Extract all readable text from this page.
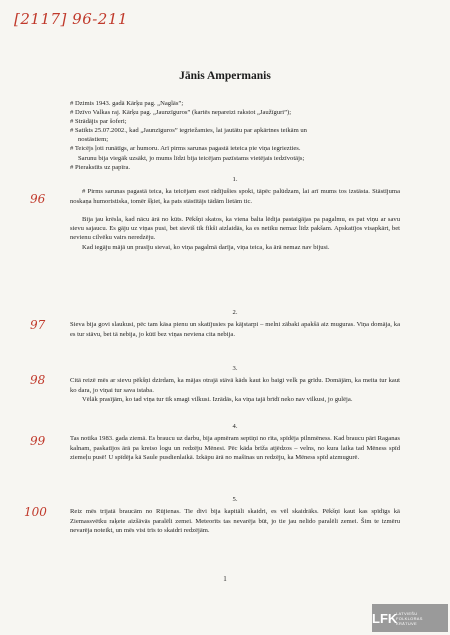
[2117] 96-211
Jānis Ampermanis

# Dzimis 1943. gadā Kārķu pag. „Naglās”;

# Dzīvo Valkas raj. Kārķu pag. „Jaunzīguros” (kartēs nepareizi rakstot „Jaužīguri”);

# Strādājis par šoferi;

# Satikts 25.07.2002., kad „Jaunzīguros” iegriežamies, lai jautātu par apkārtnes teikām un

nostāstiem;

# Teicējs ļoti runātīgs, ar humoru. Arī pirms sarunas pagastā ieteica pie viņa iegriezties.

Sarunu bija viegāk uzsākt, jo mums līdzi bija teicējam pazīstams vietējais iedzīvotājs;

# Pierakstīts uz papīra.

96

1.

# Pirms sarunas pagastā teica, ka teicējam esot rādījušies spoki, tāpēc palūdzam, lai arī mums tos izstāsta. Stāstījuma noskaņa humoristiska, tomēr šķiet, ka pats stāstītājs tādām lietām tic.

Bija jau krēsla, kad nācu ārā no kūts. Pēkšņi skatos, ka viena balta lēdija pastaigājas pa pagalmu, es pat viņu ar savu sievu sajaucu. Es gāju uz viņas pusi, bet sieviš tik fikši aizlaidās, ka es netiku nemaz līdz pakšam. Apskatījos visapkārt, bet nevienu cilvēku vairs neredzēju.

Kad iegāju mājā un prasīju sievai, ko viņa pagalmā darīja, viņa teica, ka ārā nemaz nav bijusi.

97

2.

Sieva bija govi slaukusi, pēc tam kāsa pienu un skatījusies pa kājstarpi – melni zābaki apakšā aiz muguras. Viņa domāja, ka es tur stāvu, bet tā nebija, jo kūtī bez viņas neviena cita nebija.

98

3.

Citā reizē mēs ar sievu pēkšņi dzirdam, ka mājas otrajā stāvā kāds kaut ko baigi velk pa grīdu. Domājām, ka meita tur kaut ko dara, jo viņai tur sava istaba.

Vēlāk prasījām, ko tad viņa tur tik smagi vilkusi. Izrādās, ka viņa tajā brīdī neko nav vilkusi, jo gulēja.

99

4.

Tas notika 1983. gada ziemā. Es braucu uz darbu, bija apmēram septiņi no rīta, spīdēja pilnmēness. Kad braucu pāri Raganas kalnam, paskatījos ārā pa kreiso logu un redzēju Mēnesi. Pēc kāda brīža atjēdzos – velns, no kura laika tad Mēness spīd ziemeļu pusē! U spīdēja kā Saule pusdienlaikā. Izkāpu ārā no mašīnas un redzēju, ka Mēness spīd aizmugurē.

100

5.

Reiz mēs trijatā braucām no Rūjienas. Tie divi bija kapitāli skaidri, es vēl skaidrāks. Pēkšņi kaut kas spīdīgs kā Ziemassvētku raķete aizšāvās paralēli zemei. Meteorīts tas nevarēja būt, jo tie jau nelido paralēli zemei. Šim te izmēru nevarēja noteikt, un mēs visi trīs to skaidri redzējām.

1
LFK
LATVIEŠU
FOLKLORAS
KRĀTUVE
